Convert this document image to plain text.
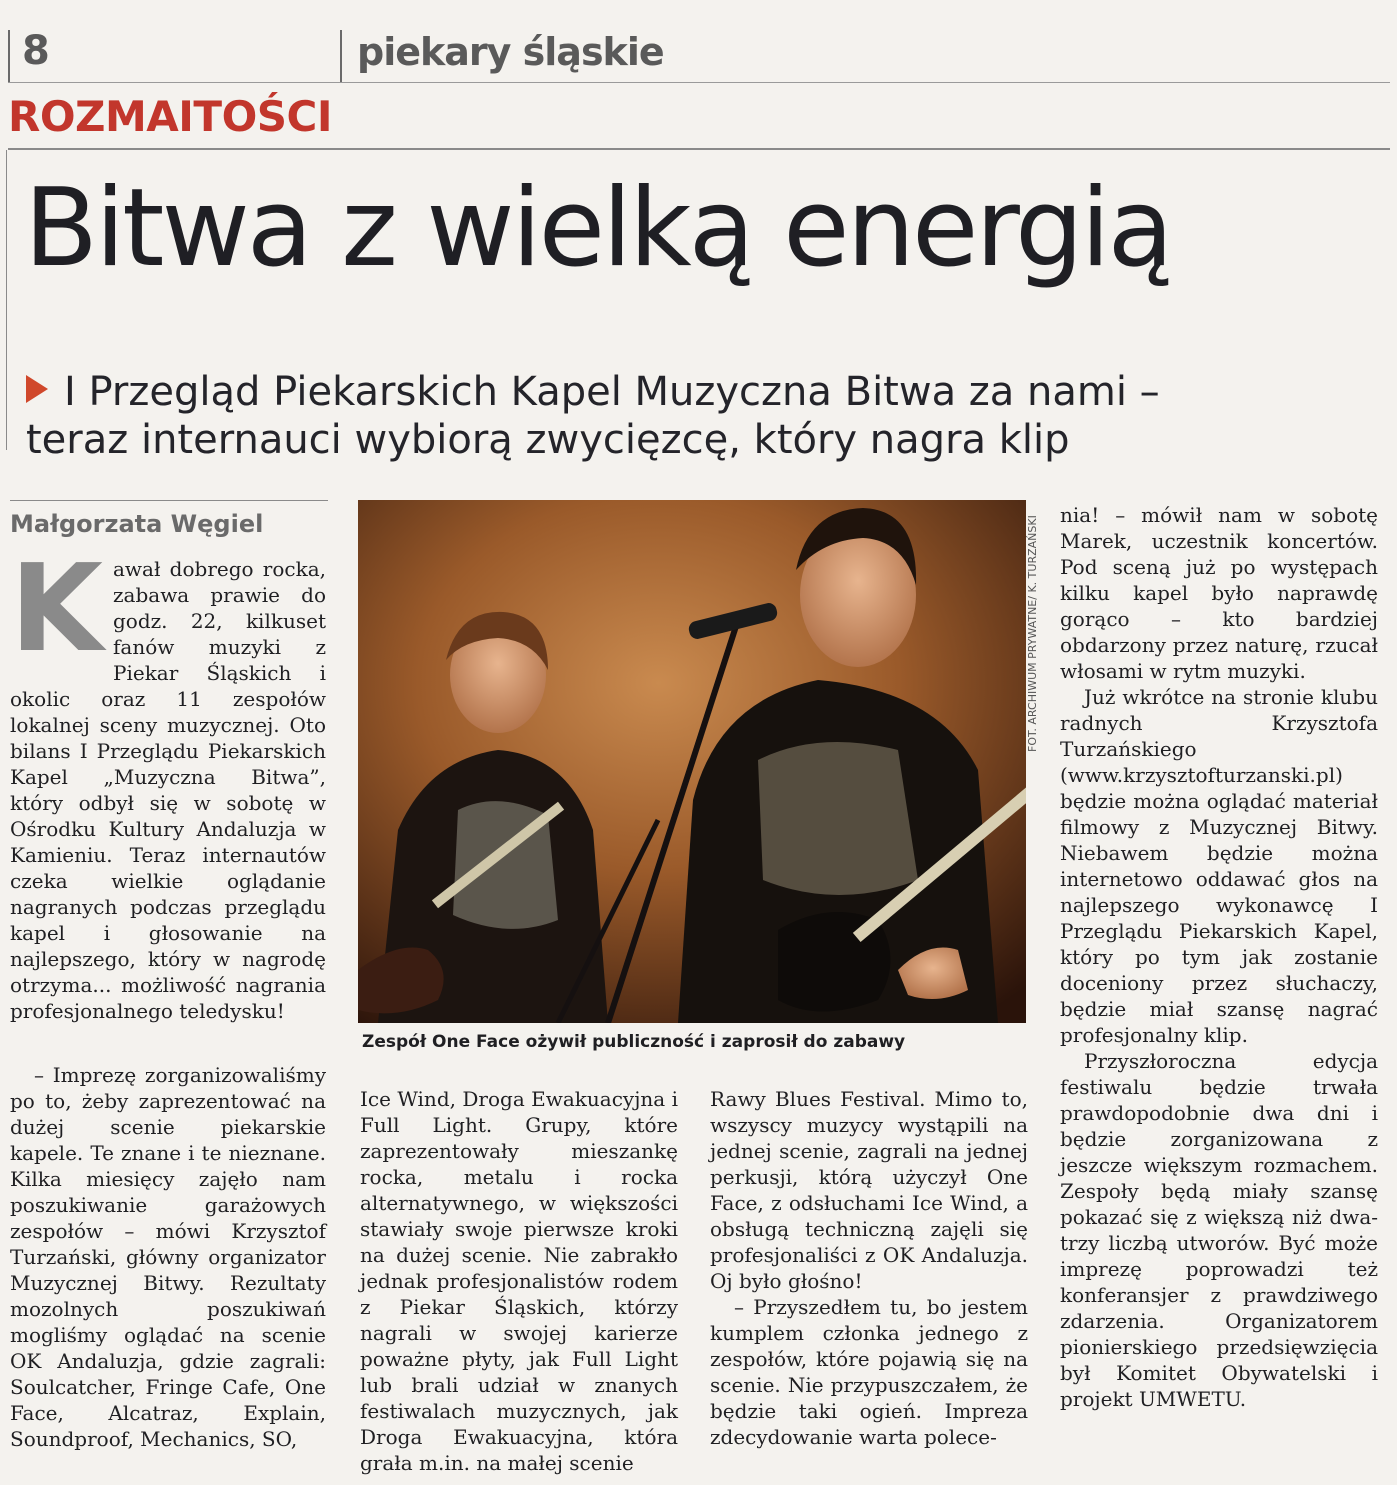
8	piekary śląskie
ROZMAITOŚCI
Bitwa z wielką energią
I Przegląd Piekarskich Kapel Muzyczna Bitwa za nami –
teraz internauci wybiorą zwycięzcę, który nagra klip
Małgorzata Węgiel
K awał dobrego rocka, zabawa prawie do godz. 22, kilkuset fanów muzyki z Piekar Śląskich i okolic oraz 11 zespołów lokalnej sceny muzycznej. Oto bilans I Przeglądu Piekarskich Kapel „Muzyczna Bitwa”, który odbył się w sobotę w Ośrodku Kultury Andaluzja w Kamieniu. Teraz internautów czeka wielkie oglądanie nagranych podczas przeglądu kapel i głosowanie na najlepszego, który w nagrodę otrzyma... możliwość nagrania profesjonalnego teledysku!
FOT. ARCHIWUM PRYWATNE/ K. TURZAŃSKI
Zespół One Face ożywił publiczność i zaprosił do zabawy

– Imprezę zorganizowaliśmy po to, żeby zaprezentować na dużej scenie piekarskie kapele. Te znane i te nieznane. Kilka miesięcy zajęło nam poszukiwanie garażowych zespołów – mówi Krzysztof Turzański, główny organizator Muzycznej Bitwy. Rezultaty mozolnych poszukiwań mogliśmy oglądać na scenie OK Andaluzja, gdzie zagrali: Soulcatcher, Fringe Cafe, One Face, Alcatraz, Explain, Soundproof, Mechanics, SO,

Ice Wind, Droga Ewakuacyjna i Full Light. Grupy, które zaprezentowały mieszankę rocka, metalu i rocka alternatywnego, w większości stawiały swoje pierwsze kroki na dużej scenie. Nie zabrakło jednak profesjonalistów rodem z Piekar Śląskich, którzy nagrali w swojej karierze poważne płyty, jak Full Light lub brali udział w znanych festiwalach muzycznych, jak Droga Ewakuacyjna, która grała m.in. na małej scenie

Rawy Blues Festival. Mimo to, wszyscy muzycy wystąpili na jednej scenie, zagrali na jednej perkusji, którą użyczył One Face, z odsłuchami Ice Wind, a obsługą techniczną zajęli się profesjonaliści z OK Andaluzja. Oj było głośno!

– Przyszedłem tu, bo jestem kumplem członka jednego z zespołów, które pojawią się na scenie. Nie przypuszczałem, że będzie taki ogień. Impreza zdecydowanie warta polece-

nia! – mówił nam w sobotę Marek, uczestnik koncertów. Pod sceną już po występach kilku kapel było naprawdę gorąco – kto bardziej obdarzony przez naturę, rzucał włosami w rytm muzyki.

Już wkrótce na stronie klubu radnych Krzysztofa Turzańskiego (www.krzysztofturzanski.pl) będzie można oglądać materiał filmowy z Muzycznej Bitwy. Niebawem będzie można internetowo oddawać głos na najlepszego wykonawcę I Przeglądu Piekarskich Kapel, który po tym jak zostanie doceniony przez słuchaczy, będzie miał szansę nagrać profesjonalny klip.

Przyszłoroczna edycja festiwalu będzie trwała prawdopodobnie dwa dni i będzie zorganizowana z jeszcze większym rozmachem. Zespoły będą miały szansę pokazać się z większą niż dwa-trzy liczbą utworów. Być może imprezę poprowadzi też konferansjer z prawdziwego zdarzenia. Organizatorem pionierskiego przedsięwzięcia był Komitet Obywatelski i projekt UMWETU.
